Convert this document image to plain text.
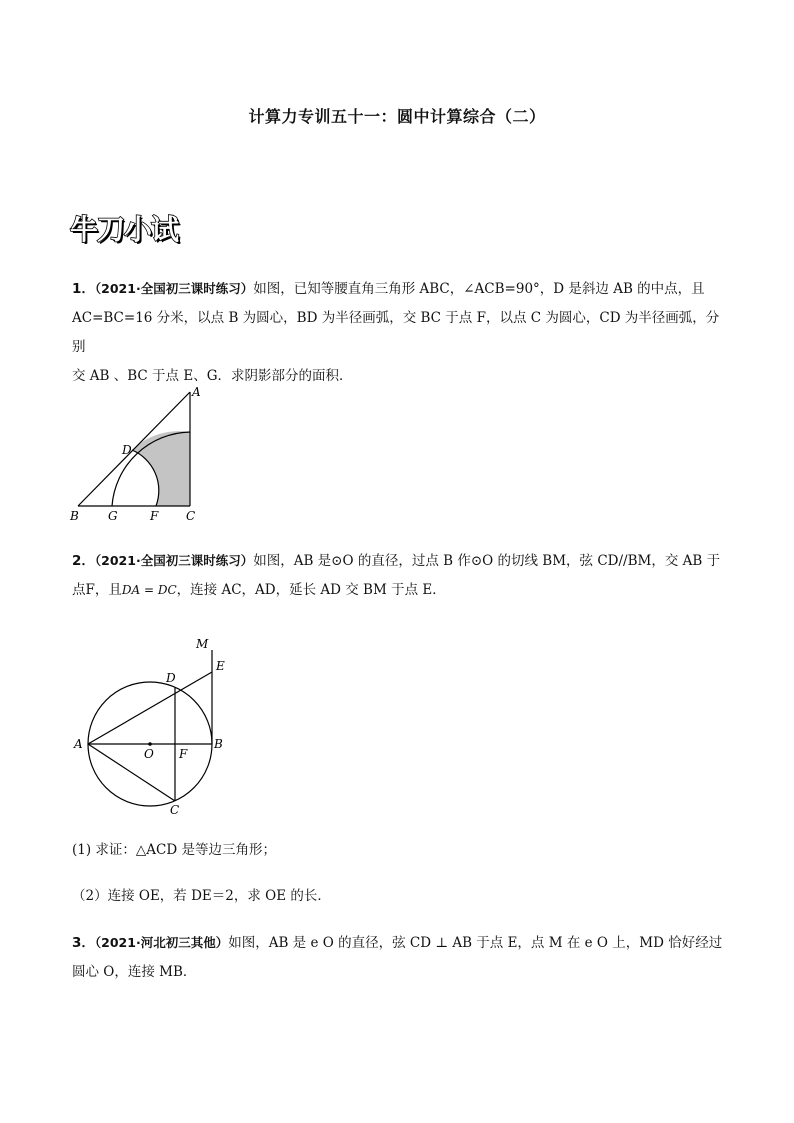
计算力专训五十一：圆中计算综合（二）
牛刀小试
1．（2021·全国初三课时练习）如图，已知等腰直角三角形 ABC，∠ACB=90°，D 是斜边 AB 的中点，且
AC=BC=16 分米，以点 B 为圆心，BD 为半径画弧，交 BC 于点 F，以点 C 为圆心，CD 为半径画弧，分别
交 AB 、BC 于点 E、G．求阴影部分的面积．
A
D
B G	F C
2．（2021·全国初三课时练习）如图，AB 是⊙O 的直径，过点 B 作⊙O 的切线 BM，弦 CD//BM，交 AB 于
点F，且DA = DC，连接 AC，AD，延长 AD 交 BM 于点 E．
M
E
D
A
O F
B
C
(1) 求证：△ACD 是等边三角形；
（2）连接 OE，若 DE＝2，求 OE 的长．
3．（2021·河北初三其他）如图，AB 是 e O 的直径，弦 CD ⊥ AB 于点 E，点 M 在 e O 上，MD 恰好经过
圆心 O，连接 MB．
